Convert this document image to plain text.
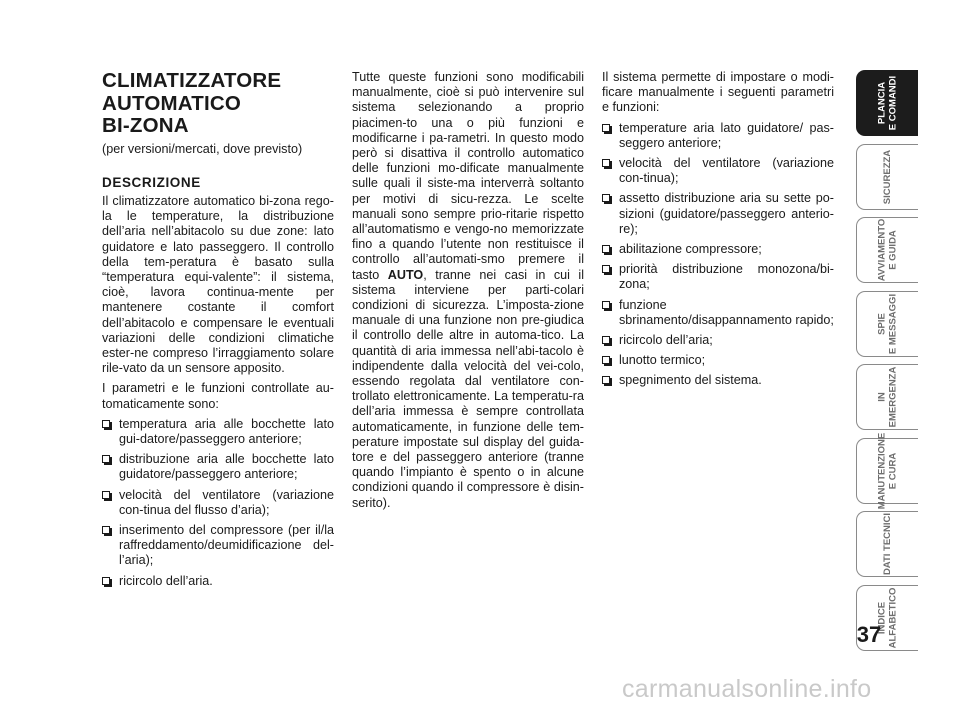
CLIMATIZZATORE
AUTOMATICO
BI-ZONA

(per versioni/mercati, dove previsto)

DESCRIZIONE

Il climatizzatore automatico bi-zona rego-la le temperature, la distribuzione dell’aria nell’abitacolo su due zone: lato guidatore e lato passeggero. Il controllo della tem-peratura è basato sulla “temperatura equi-valente”: il sistema, cioè, lavora continua-mente per mantenere costante il comfort dell’abitacolo e compensare le eventuali variazioni delle condizioni climatiche ester-ne compreso l’irraggiamento solare rile-vato da un sensore apposito.

I parametri e le funzioni controllate au-tomaticamente sono:

temperatura aria alle bocchette lato gui-datore/passeggero anteriore;
distribuzione aria alle bocchette lato guidatore/passeggero anteriore;
velocità del ventilatore (variazione con-tinua del flusso d’aria);
inserimento del compressore (per il/la raffreddamento/deumidificazione del-l’aria);
ricircolo dell’aria.

Tutte queste funzioni sono modificabili manualmente, cioè si può intervenire sul sistema selezionando a proprio piacimen-to una o più funzioni e modificarne i pa-rametri. In questo modo però si disattiva il controllo automatico delle funzioni mo-dificate manualmente sulle quali il siste-ma interverrà soltanto per motivi di sicu-rezza. Le scelte manuali sono sempre prio-ritarie rispetto all’automatismo e vengo-no memorizzate fino a quando l’utente non restituisce il controllo all’automati-smo premere il tasto AUTO, tranne nei casi in cui il sistema interviene per parti-colari condizioni di sicurezza. L’imposta-zione manuale di una funzione non pre-giudica il controllo delle altre in automa-tico. La quantità di aria immessa nell’abi-tacolo è indipendente dalla velocità del vei-colo, essendo regolata dal ventilatore con-trollato elettronicamente. La temperatu-ra dell’aria immessa è sempre controllata automaticamente, in funzione delle tem-perature impostate sul display del guida-tore e del passeggero anteriore (tranne quando l’impianto è spento o in alcune condizioni quando il compressore è disin-serito).

Il sistema permette di impostare o modi-ficare manualmente i seguenti parametri e funzioni:

temperature aria lato guidatore/ pas-seggero anteriore;
velocità del ventilatore (variazione con-tinua);
assetto distribuzione aria su sette po-sizioni (guidatore/passeggero anterio-re);
abilitazione compressore;
priorità distribuzione monozona/bi-zona;
funzione sbrinamento/disappannamento rapido;
ricircolo dell’aria;
lunotto termico;
spegnimento del sistema.
PLANCIA
E COMANDI
SICUREZZA
AVVIAMENTO
E GUIDA
SPIE
E MESSAGGI
IN
EMERGENZA
MANUTENZIONE
E CURA
DATI TECNICI
INDICE
ALFABETICO
37
carmanualsonline.info
